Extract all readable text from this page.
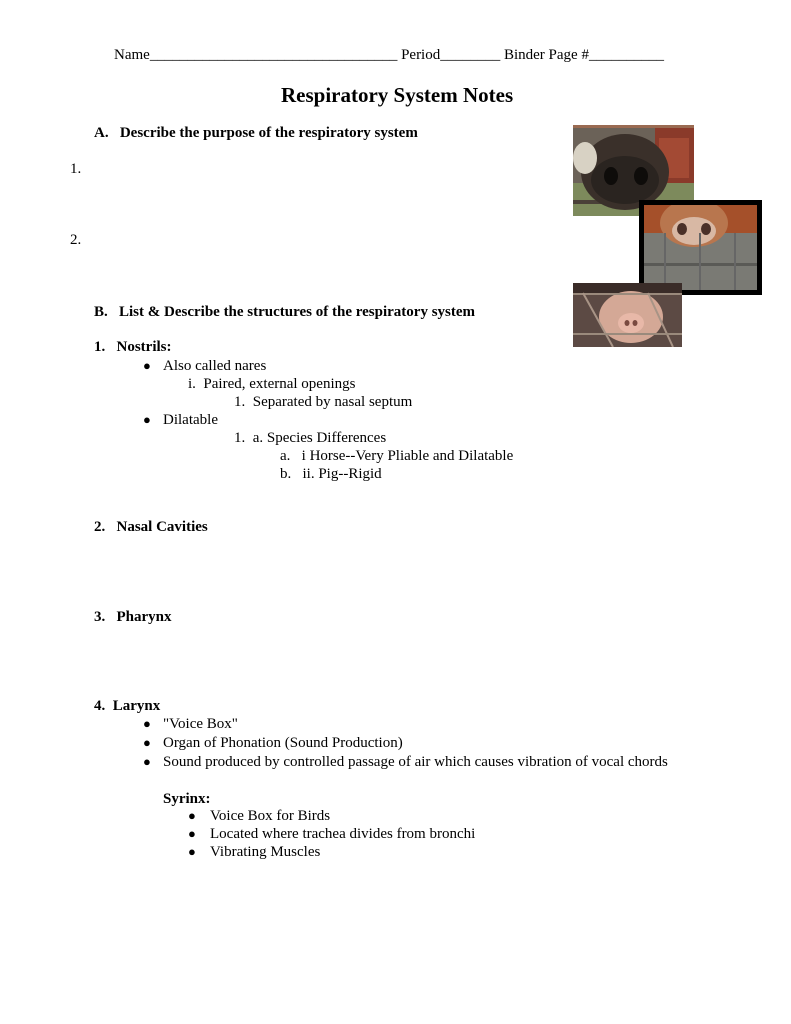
Name_________________________________ Period________ Binder Page #__________
Respiratory System Notes
A.   Describe the purpose of the respiratory system
1.
2.
B.   List & Describe the structures of the respiratory system
1.   Nostrils:
● Also called nares
i.  Paired, external openings
1.  Separated by nasal septum
● Dilatable
1.  a. Species Differences
a.   i Horse--Very Pliable and Dilatable
b.   ii. Pig--Rigid
2.   Nasal Cavities
3.   Pharynx
4.  Larynx
● "Voice Box"
● Organ of Phonation (Sound Production)
● Sound produced by controlled passage of air which causes vibration of vocal chords
Syrinx:
● Voice Box for Birds
● Located where trachea divides from bronchi
● Vibrating Muscles
